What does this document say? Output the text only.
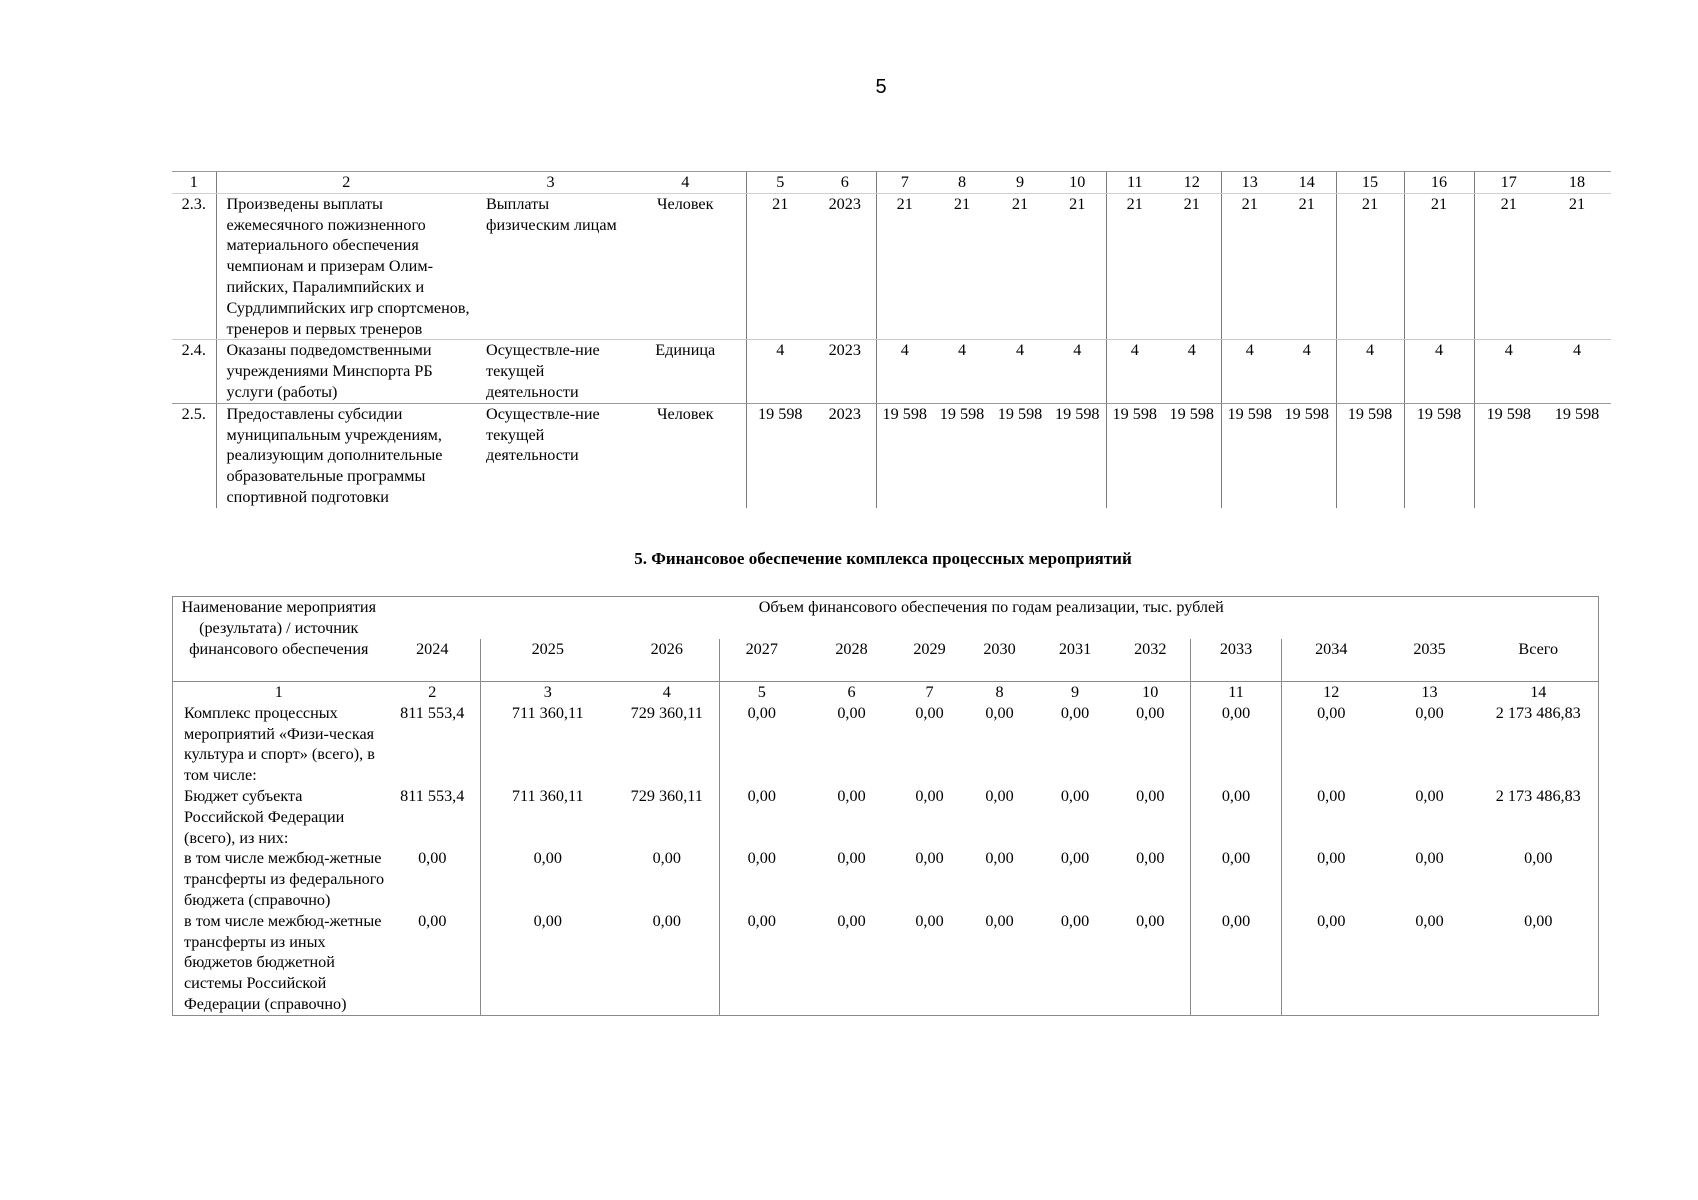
5
1	2	3	4	5	6	7	8	9	10	11	12	13	14	15	16	17	18
2.3.	Произведены выплаты ежемесячного пожизненного материального обеспечения чемпионам и призерам Олим-пийских, Паралимпийских и Сурдлимпийских игр спортсменов, тренеров и первых тренеров	Выплаты физическим лицам	Человек	21	2023	21	21	21	21	21	21	21	21	21	21	21	21
2.4.	Оказаны подведомственными учреждениями Минспорта РБ услуги (работы)	Осуществле-ние текущей деятельности	Единица	4	2023	4	4	4	4	4	4	4	4	4	4	4	4
2.5.	Предоставлены субсидии муниципальным учреждениям, реализующим дополнительные образовательные программы спортивной подготовки	Осуществле-ние текущей деятельности	Человек	19 598	2023	19 598	19 598	19 598	19 598	19 598	19 598	19 598	19 598	19 598	19 598	19 598	19 598
5. Финансовое обеспечение комплекса процессных мероприятий
Наименование мероприятия (результата) / источник финансового обеспечения	Объем финансового обеспечения по годам реализации, тыс. рублей												
	2024	2025	2026	2027	2028	2029	2030	2031	2032	2033	2034	2035	Всего
1	2	3	4	5	6	7	8	9	10	11	12	13	14
Комплекс процессных мероприятий «Физи-ческая культура и спорт» (всего), в том числе:	811 553,4	711 360,11	729 360,11	0,00	0,00	0,00	0,00	0,00	0,00	0,00	0,00	0,00	2 173 486,83
Бюджет субъекта Российской Федерации (всего), из них:	811 553,4	711 360,11	729 360,11	0,00	0,00	0,00	0,00	0,00	0,00	0,00	0,00	0,00	2 173 486,83
в том числе межбюд-жетные трансферты из федерального бюджета (справочно)	0,00	0,00	0,00	0,00	0,00	0,00	0,00	0,00	0,00	0,00	0,00	0,00	0,00
в том числе межбюд-жетные трансферты из иных бюджетов бюджетной системы Российской Федерации (справочно)	0,00	0,00	0,00	0,00	0,00	0,00	0,00	0,00	0,00	0,00	0,00	0,00	0,00
